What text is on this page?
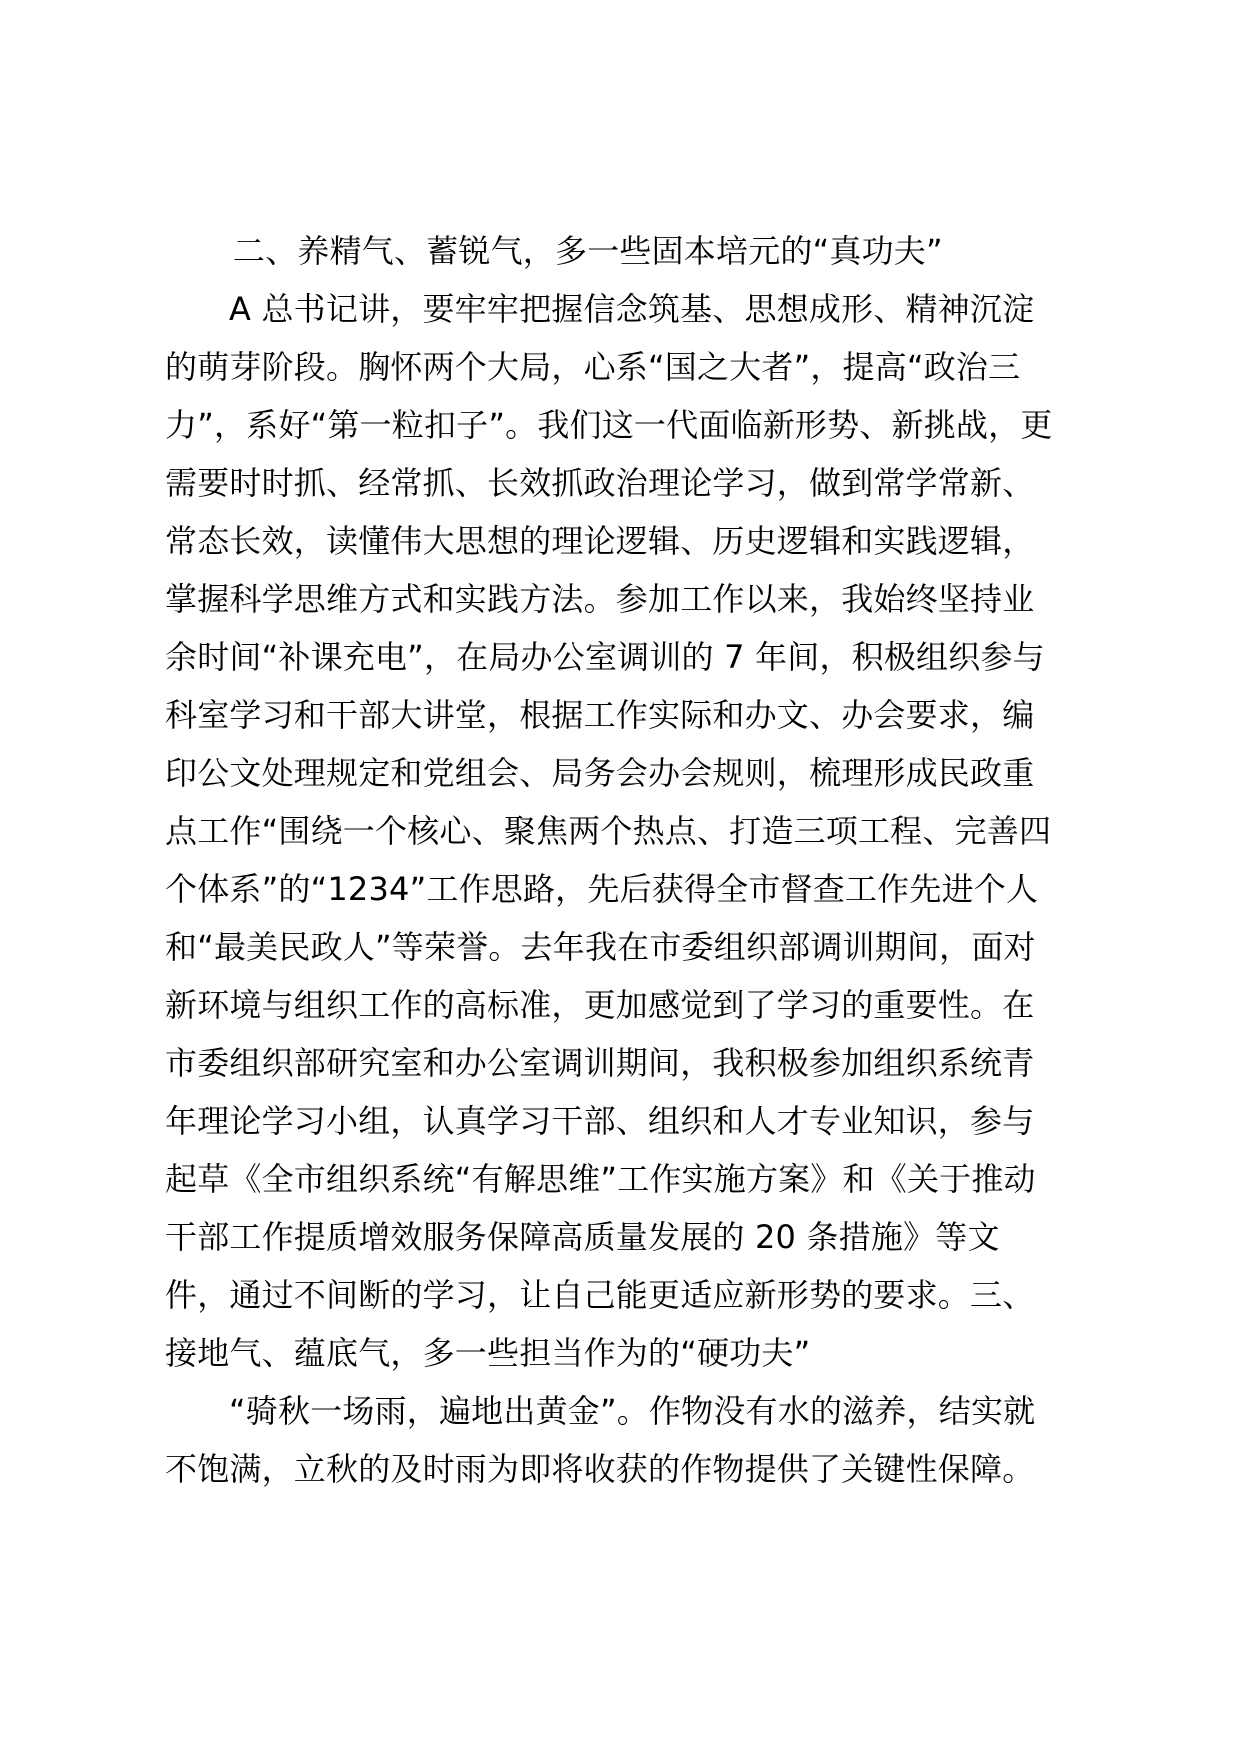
二、养精气、蓄锐气，多一些固本培元的“真功夫”
A 总书记讲，要牢牢把握信念筑基、思想成形、精神沉淀
的萌芽阶段。胸怀两个大局，心系“国之大者”，提高“政治三
力”，系好“第一粒扣子”。我们这一代面临新形势、新挑战，更
需要时时抓、经常抓、长效抓政治理论学习，做到常学常新、
常态长效，读懂伟大思想的理论逻辑、历史逻辑和实践逻辑，
掌握科学思维方式和实践方法。参加工作以来，我始终坚持业
余时间“补课充电”，在局办公室调训的 7 年间，积极组织参与
科室学习和干部大讲堂，根据工作实际和办文、办会要求，编
印公文处理规定和党组会、局务会办会规则，梳理形成民政重
点工作“围绕一个核心、聚焦两个热点、打造三项工程、完善四
个体系”的“1234”工作思路，先后获得全市督查工作先进个人
和“最美民政人”等荣誉。去年我在市委组织部调训期间，面对
新环境与组织工作的高标准，更加感觉到了学习的重要性。在
市委组织部研究室和办公室调训期间，我积极参加组织系统青
年理论学习小组，认真学习干部、组织和人才专业知识，参与
起草《全市组织系统“有解思维”工作实施方案》和《关于推动
干部工作提质增效服务保障高质量发展的 20 条措施》等文
件，通过不间断的学习，让自己能更适应新形势的要求。三、
接地气、蕴底气，多一些担当作为的“硬功夫”
“骑秋一场雨，遍地出黄金”。作物没有水的滋养，结实就
不饱满，立秋的及时雨为即将收获的作物提供了关键性保障。
